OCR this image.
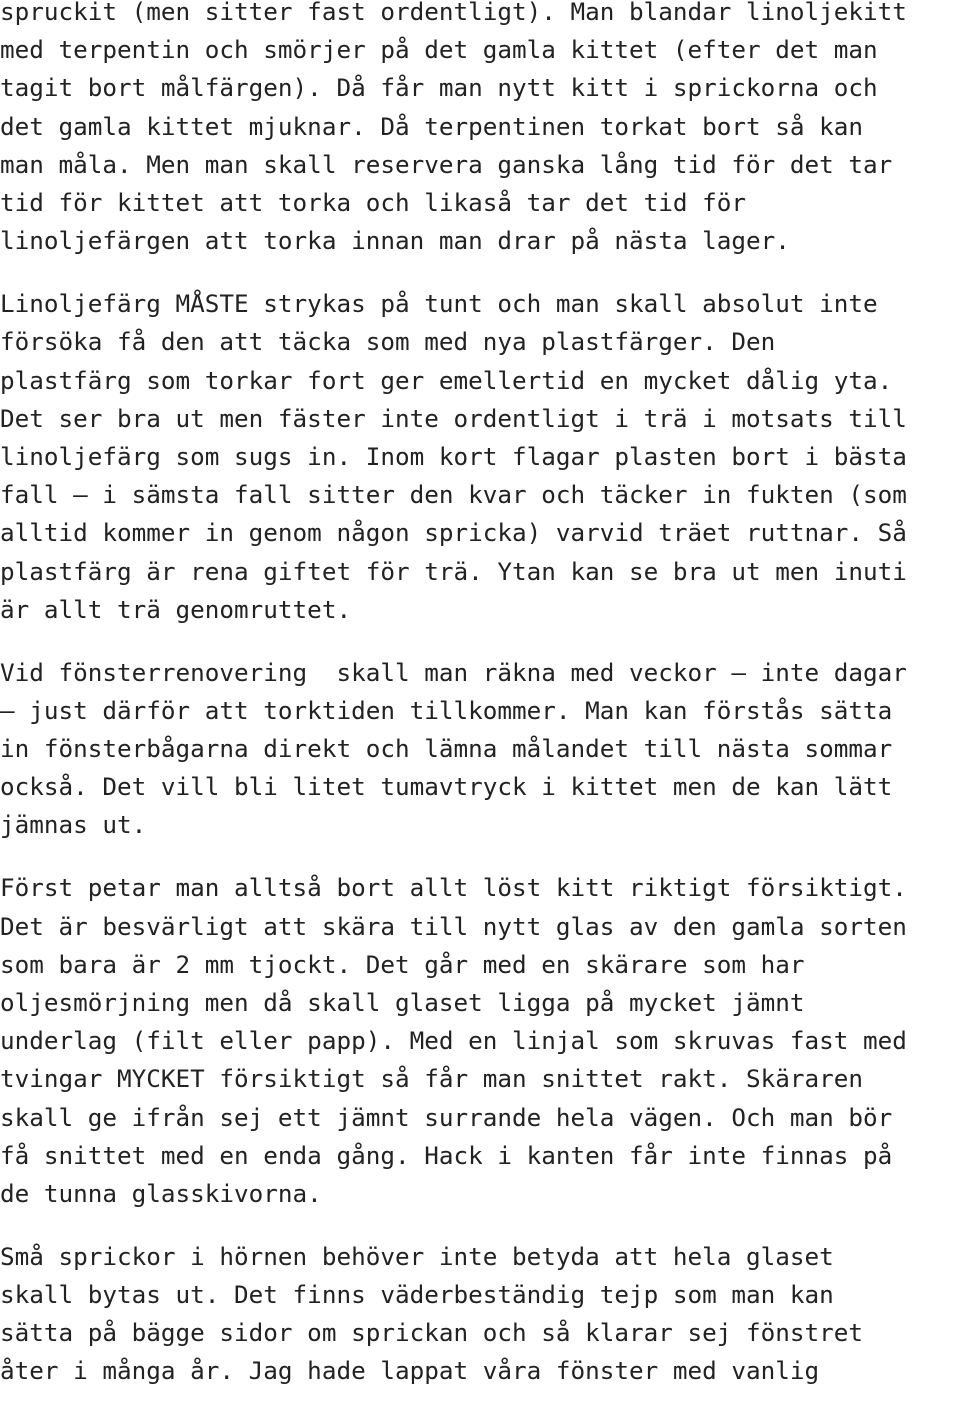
spruckit (men sitter fast ordentligt). Man blandar linoljekitt
med terpentin och smörjer på det gamla kittet (efter det man
tagit bort målfärgen). Då får man nytt kitt i sprickorna och
det gamla kittet mjuknar. Då terpentinen torkat bort så kan
man måla. Men man skall reservera ganska lång tid för det tar
tid för kittet att torka och likaså tar det tid för
linoljefärgen att torka innan man drar på nästa lager.
Linoljefärg MÅSTE strykas på tunt och man skall absolut inte
försöka få den att täcka som med nya plastfärger. Den
plastfärg som torkar fort ger emellertid en mycket dålig yta.
Det ser bra ut men fäster inte ordentligt i trä i motsats till
linoljefärg som sugs in. Inom kort flagar plasten bort i bästa
fall – i sämsta fall sitter den kvar och täcker in fukten (som
alltid kommer in genom någon spricka) varvid träet ruttnar. Så
plastfärg är rena giftet för trä. Ytan kan se bra ut men inuti
är allt trä genomruttet.
Vid fönsterrenovering  skall man räkna med veckor – inte dagar
– just därför att torktiden tillkommer. Man kan förstås sätta
in fönsterbågarna direkt och lämna målandet till nästa sommar
också. Det vill bli litet tumavtryck i kittet men de kan lätt
jämnas ut.
Först petar man alltså bort allt löst kitt riktigt försiktigt.
Det är besvärligt att skära till nytt glas av den gamla sorten
som bara är 2 mm tjockt. Det går med en skärare som har
oljesmörjning men då skall glaset ligga på mycket jämnt
underlag (filt eller papp). Med en linjal som skruvas fast med
tvingar MYCKET försiktigt så får man snittet rakt. Skäraren
skall ge ifrån sej ett jämnt surrande hela vägen. Och man bör
få snittet med en enda gång. Hack i kanten får inte finnas på
de tunna glasskivorna.
Små sprickor i hörnen behöver inte betyda att hela glaset
skall bytas ut. Det finns väderbeständig tejp som man kan
sätta på bägge sidor om sprickan och så klarar sej fönstret
åter i många år. Jag hade lappat våra fönster med vanlig
